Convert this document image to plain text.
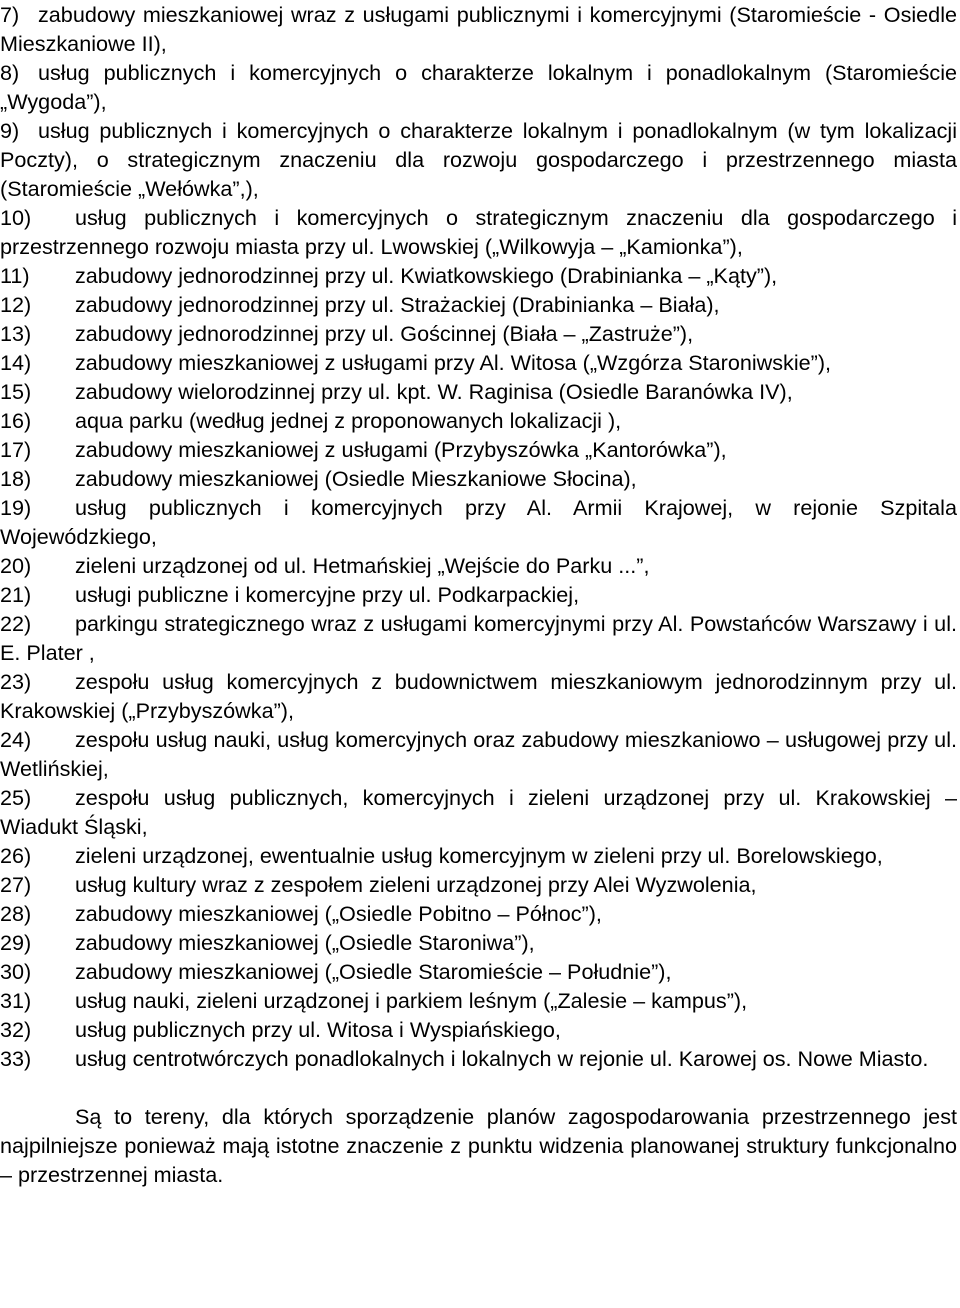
7) zabudowy mieszkaniowej wraz z usługami publicznymi i komercyjnymi (Staromieście - Osiedle Mieszkaniowe II),
8) usług publicznych i komercyjnych o charakterze lokalnym i ponadlokalnym (Staromieście „Wygoda”),
9) usług publicznych i komercyjnych o charakterze lokalnym i ponadlokalnym (w tym lokalizacji Poczty), o strategicznym znaczeniu dla rozwoju gospodarczego i przestrzennego miasta (Staromieście „Wełówka”,),
10) usług publicznych i komercyjnych o strategicznym znaczeniu dla gospodarczego i przestrzennego rozwoju miasta przy ul. Lwowskiej („Wilkowyja – „Kamionka”),
11) zabudowy jednorodzinnej przy ul. Kwiatkowskiego (Drabinianka – „Kąty”),
12) zabudowy jednorodzinnej przy ul. Strażackiej (Drabinianka – Biała),
13) zabudowy jednorodzinnej przy ul. Gościnnej (Biała – „Zastruże”),
14) zabudowy mieszkaniowej z usługami przy Al. Witosa („Wzgórza Staroniwskie”),
15) zabudowy wielorodzinnej przy ul. kpt. W. Raginisa (Osiedle Baranówka IV),
16) aqua parku (według jednej z proponowanych lokalizacji ),
17) zabudowy mieszkaniowej z usługami (Przybyszówka „Kantorówka”),
18) zabudowy mieszkaniowej (Osiedle Mieszkaniowe Słocina),
19) usług publicznych i komercyjnych przy Al. Armii Krajowej, w rejonie Szpitala Wojewódzkiego,
20) zieleni urządzonej od ul. Hetmańskiej „Wejście do Parku ...”,
21) usługi publiczne i komercyjne przy ul. Podkarpackiej,
22) parkingu strategicznego wraz z usługami komercyjnymi przy Al. Powstańców Warszawy i ul. E. Plater ,
23) zespołu usług komercyjnych z budownictwem mieszkaniowym jednorodzinnym przy ul. Krakowskiej („Przybyszówka”),
24) zespołu usług nauki, usług komercyjnych oraz zabudowy mieszkaniowo – usługowej przy ul. Wetlińskiej,
25) zespołu usług publicznych, komercyjnych i zieleni urządzonej przy ul. Krakowskiej – Wiadukt Śląski,
26) zieleni urządzonej, ewentualnie usług komercyjnym w zieleni przy ul. Borelowskiego,
27) usług kultury wraz z zespołem zieleni urządzonej przy Alei Wyzwolenia,
28) zabudowy mieszkaniowej („Osiedle Pobitno – Północ”),
29) zabudowy mieszkaniowej („Osiedle Staroniwa”),
30) zabudowy mieszkaniowej („Osiedle Staromieście – Południe”),
31) usług nauki, zieleni urządzonej i parkiem leśnym („Zalesie – kampus”),
32) usług publicznych przy ul. Witosa i Wyspiańskiego,
33) usług centrotwórczych ponadlokalnych i lokalnych w rejonie ul. Karowej os. Nowe Miasto.

Są to tereny, dla których sporządzenie planów zagospodarowania przestrzennego jest najpilniejsze ponieważ mają istotne znaczenie z punktu widzenia planowanej struktury funkcjonalno – przestrzennej miasta.
